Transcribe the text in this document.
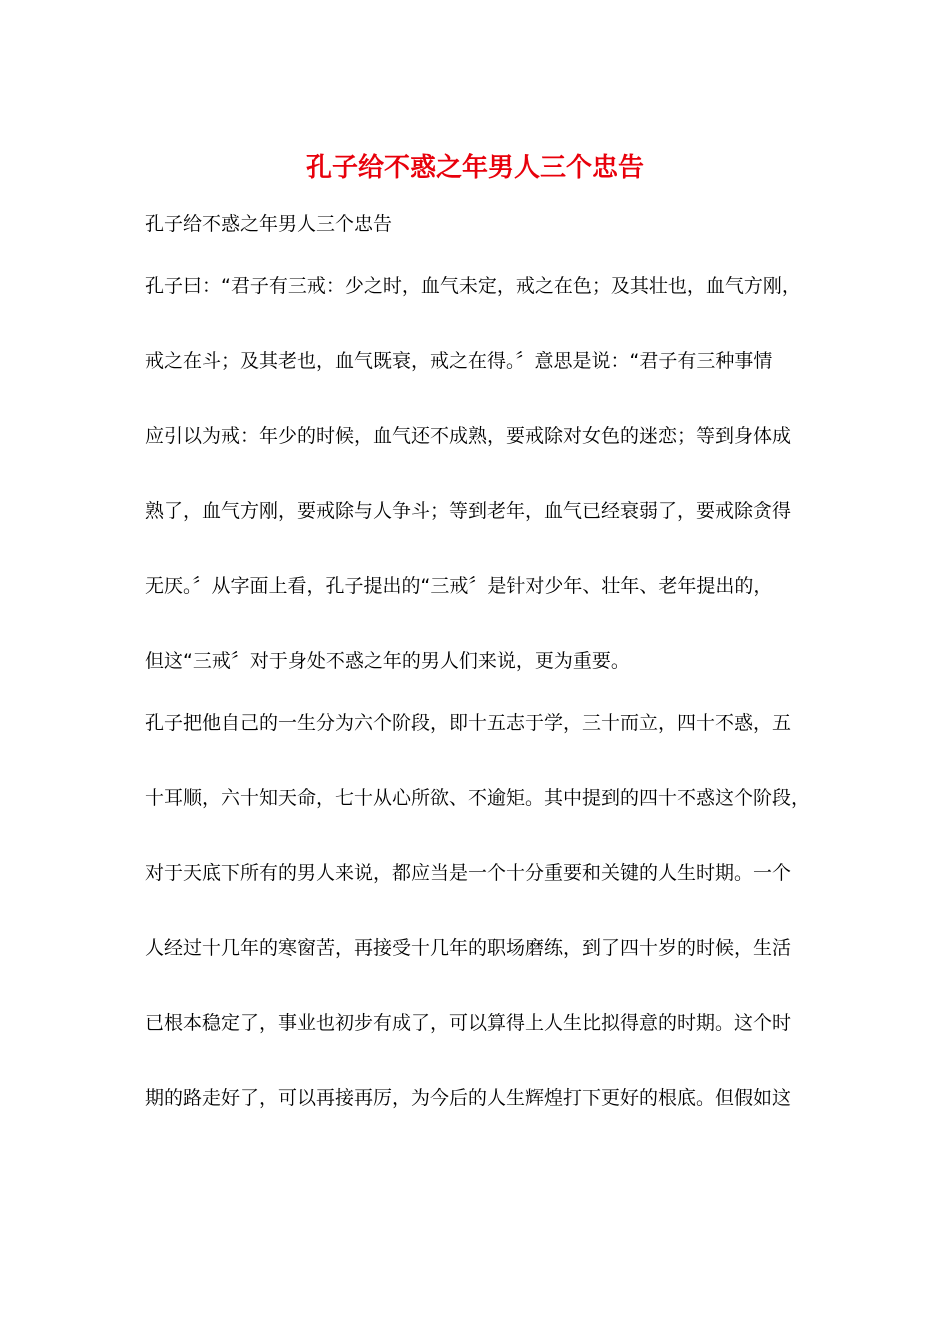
孔子给不惑之年男人三个忠告
孔子给不惑之年男人三个忠告
孔子曰：“君子有三戒：少之时，血气未定，戒之在色；及其壮也，血气方刚，
戒之在斗；及其老也，血气既衰，戒之在得。〞意思是说：“君子有三种事情
应引以为戒：年少的时候，血气还不成熟，要戒除对女色的迷恋；等到身体成
熟了，血气方刚，要戒除与人争斗；等到老年，血气已经衰弱了，要戒除贪得
无厌。〞从字面上看，孔子提出的“三戒〞是针对少年、壮年、老年提出的，
但这“三戒〞对于身处不惑之年的男人们来说，更为重要。
孔子把他自己的一生分为六个阶段，即十五志于学，三十而立，四十不惑，五
十耳顺，六十知天命，七十从心所欲、不逾矩。其中提到的四十不惑这个阶段，
对于天底下所有的男人来说，都应当是一个十分重要和关键的人生时期。一个
人经过十几年的寒窗苦，再接受十几年的职场磨练，到了四十岁的时候，生活
已根本稳定了，事业也初步有成了，可以算得上人生比拟得意的时期。这个时
期的路走好了，可以再接再厉，为今后的人生辉煌打下更好的根底。但假如这
